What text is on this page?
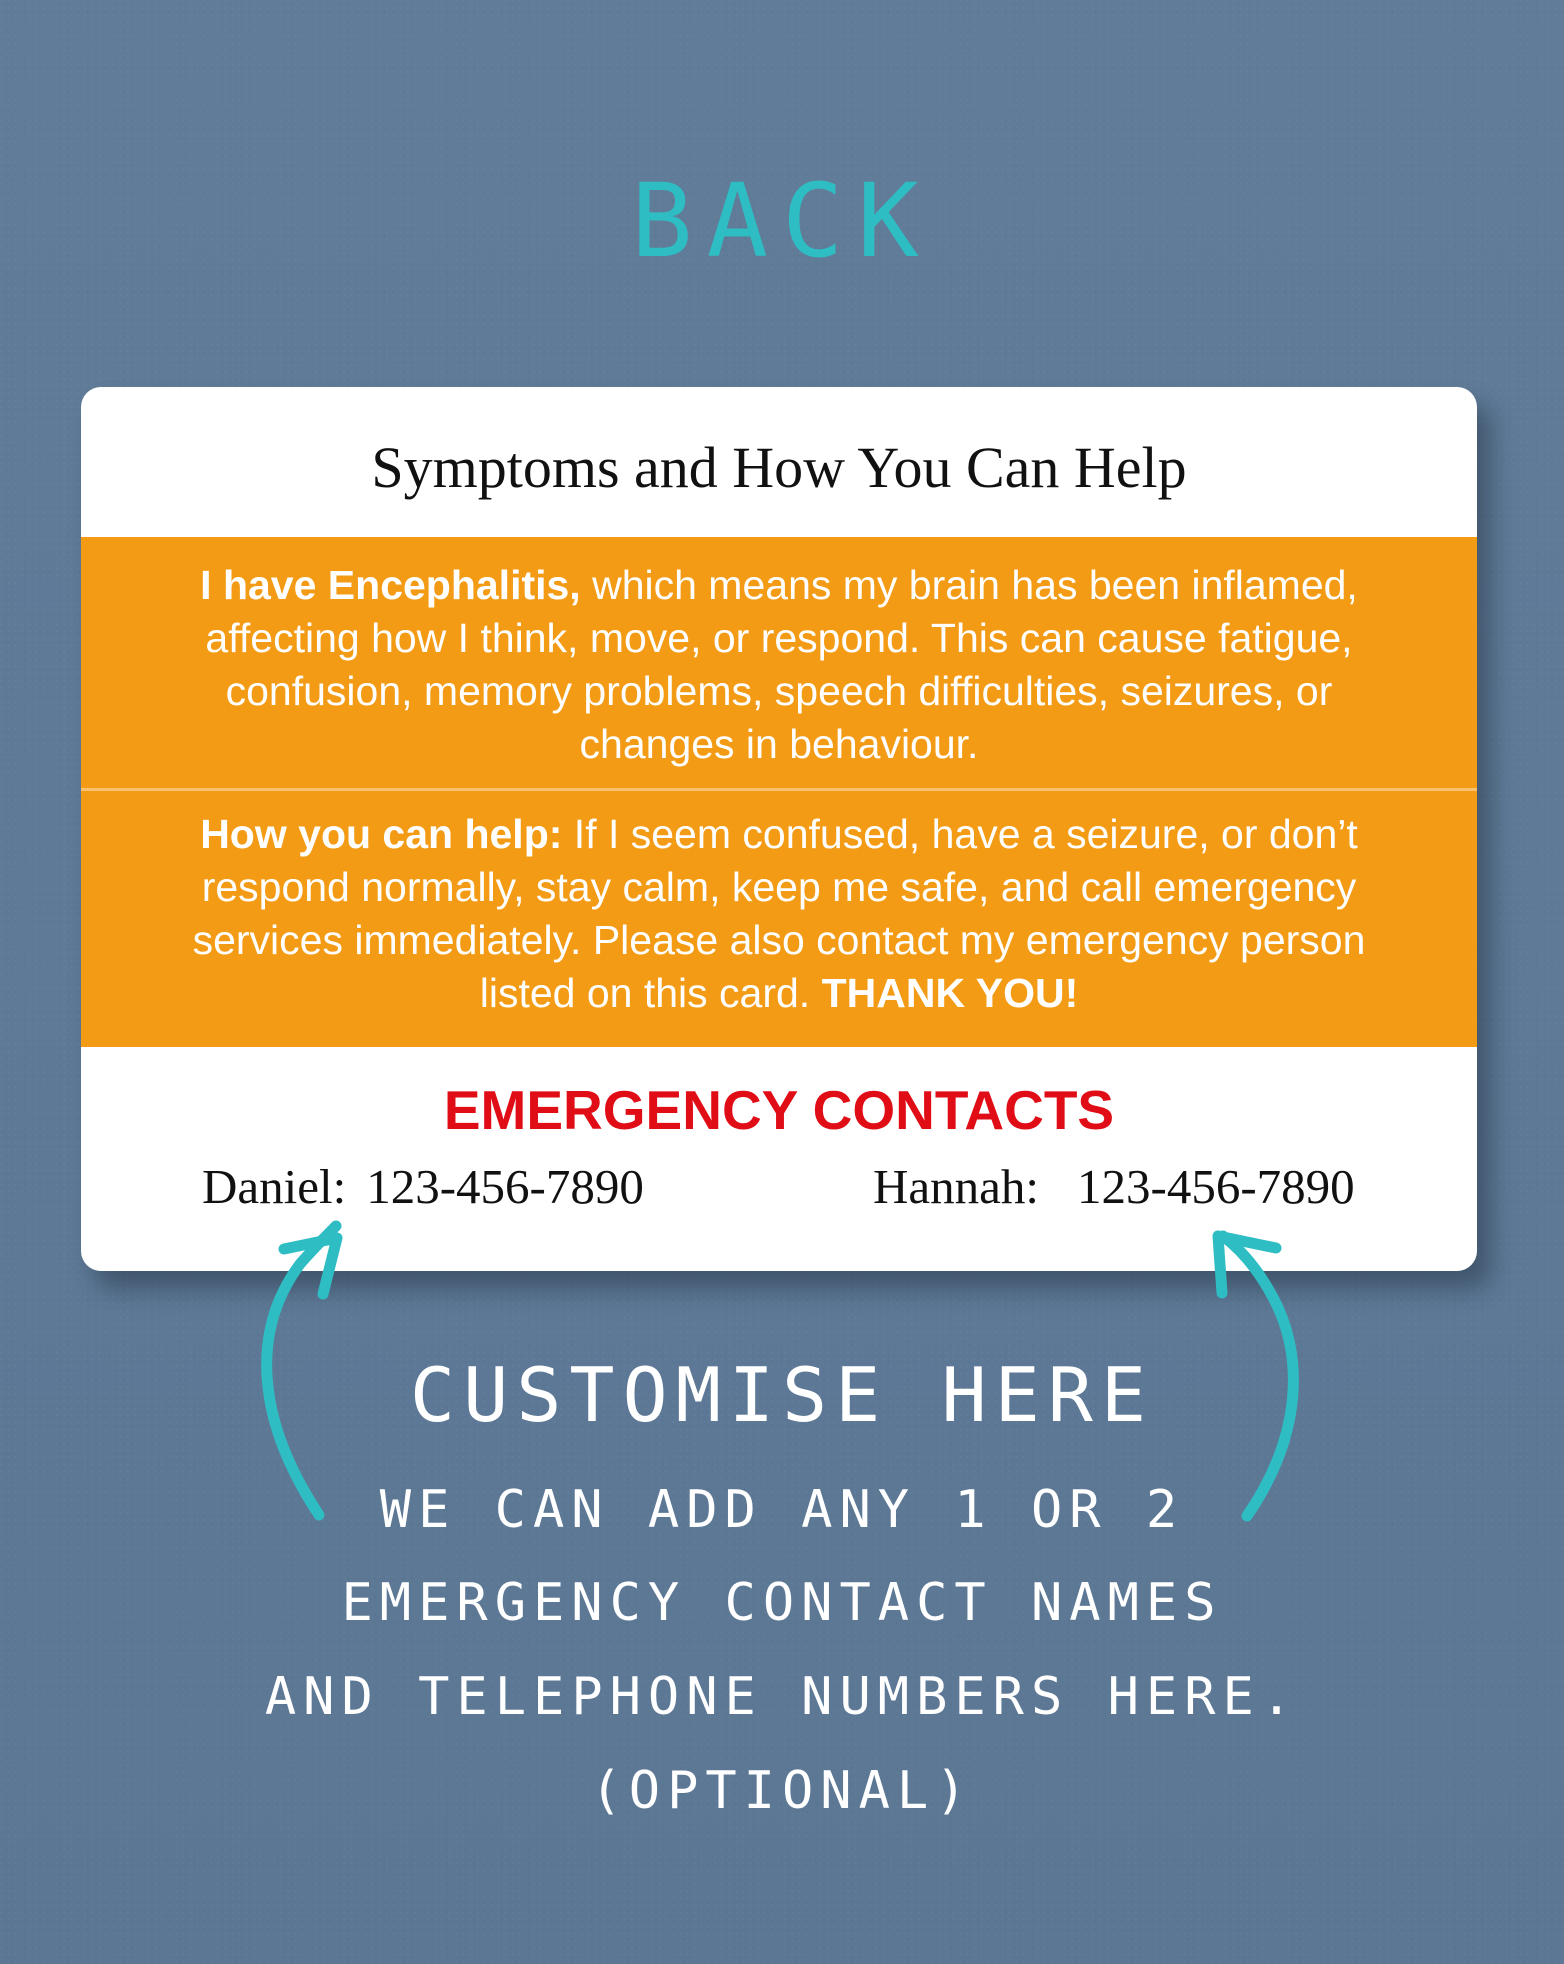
BACK
Symptoms and How You Can Help
I have Encephalitis, which means my brain has been inflamed, affecting how I think, move, or respond. This can cause fatigue, confusion, memory problems, speech difficulties, seizures, or changes in behaviour.
How you can help: If I seem confused, have a seizure, or don’t respond normally, stay calm, keep me safe, and call emergency services immediately. Please also contact my emergency person listed on this card. THANK YOU!
EMERGENCY CONTACTS
Daniel: 123-456-7890	Hannah: 123-456-7890
CUSTOMISE HERE
WE CAN ADD ANY 1 OR 2
EMERGENCY CONTACT NAMES
AND TELEPHONE NUMBERS HERE.
(OPTIONAL)
